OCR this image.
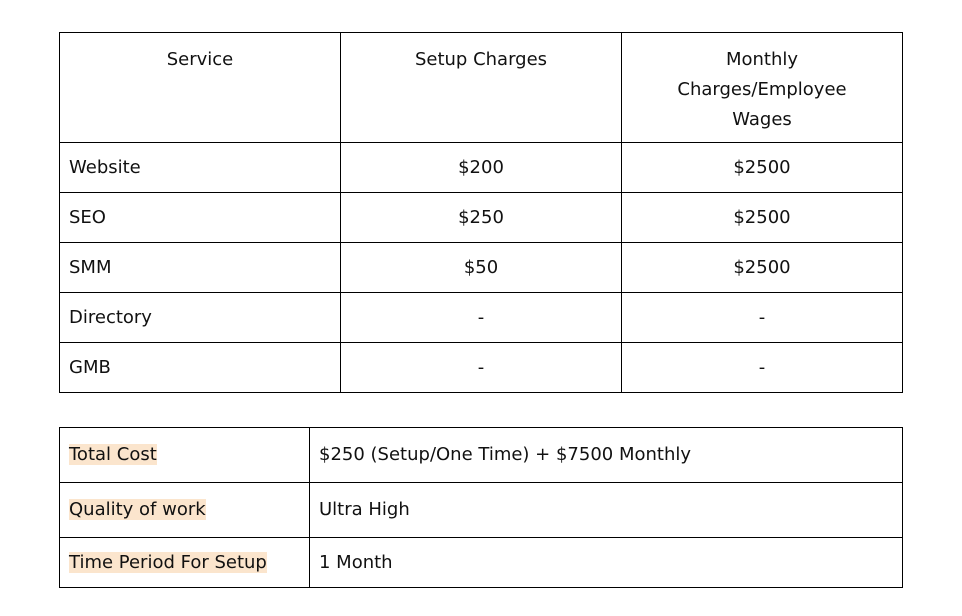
Service	Setup Charges	Monthly Charges/Employee Wages
Website	$200	$2500
SEO	$250	$2500
SMM	$50	$2500
Directory	-	-
GMB	-	-
Total Cost	$250 (Setup/One Time) + $7500 Monthly
Quality of work	Ultra High
Time Period For Setup	1 Month
